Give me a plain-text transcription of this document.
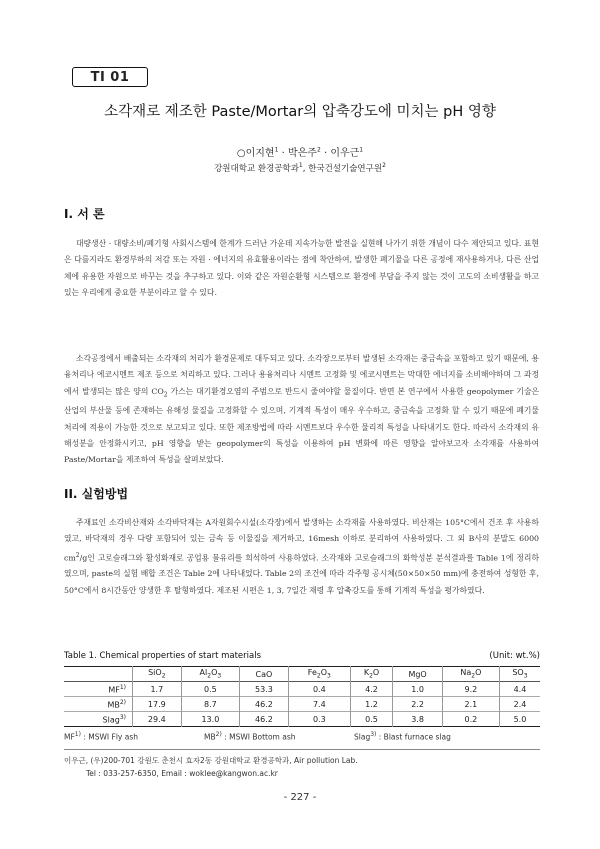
TI 01
소각재로 제조한 Paste/Mortar의 압축강도에 미치는 pH 영향
○이지현$^1$ · 박은주$^2$ · 이우근$^1$
강원대학교 환경공학과$^1$, 한국건설기술연구원$^2$
I. 서 론

대량생산 · 대량소비/폐기형 사회시스템에 한계가 드러난 가운데 지속가능한 발전을 실현해 나가기 위한 개념이 다수 제안되고 있다. 표현은 다를지라도 환경부하의 저감 또는 자원 · 에너지의 유효활용이라는 점에 착안하여, 발생한 폐기물을 다른 공정에 재사용하거나, 다른 산업체에 유용한 자원으로 바꾸는 것을 추구하고 있다. 이와 같은 자원순환형 시스템으로 환경에 부담을 주지 않는 것이 고도의 소비생활을 하고 있는 우리에게 중요한 부분이라고 할 수 있다.

소각공정에서 배출되는 소각재의 처리가 환경문제로 대두되고 있다. 소각장으로부터 발생된 소각재는 중금속을 포함하고 있기 때문에, 용융처리나 에코시멘트 제조 등으로 처리하고 있다. 그러나 용융처리나 시멘트 고정화 및 에코시멘트는 막대한 에너지를 소비해야하며 그 과정에서 발생되는 많은 양의 $CO_2$ 가스는 대기환경오염의 주범으로 반드시 줄여야할 물질이다. 반면 본 연구에서 사용한 geopolymer 기술은 산업의 부산물 등에 존재하는 유해성 물질을 고정화할 수 있으며, 기계적 특성이 매우 우수하고, 중금속을 고정화 할 수 있기 때문에 폐기물 처리에 적용이 가능한 것으로 보고되고 있다. 또한 제조방법에 따라 시멘트보다 우수한 물리적 특성을 나타내기도 한다. 따라서 소각재의 유해성분을 안정화시키고, pH 영향을 받는 geopolymer의 특성을 이용하여 pH 변화에 따른 영향을 알아보고자 소각재를 사용하여 Paste/Mortar을 제조하여 특성을 살펴보았다.

II. 실험방법

주재료인 소각비산재와 소각바닥재는 A자원회수시설(소각장)에서 발생하는 소각재를 사용하였다. 비산재는 105°C에서 건조 후 사용하였고, 바닥재의 경우 다량 포함되어 있는 금속 등 이물질을 제거하고, 16mesh 이하로 분리하여 사용하였다. 그 외 B사의 분말도 6000 $cm^2/g$인 고로슬래그와 활성화재로 공업용 물유리를 희석하여 사용하였다. 소각재와 고로슬래그의 화학성분 분석결과를 Table 1에 정리하였으며, paste의 실험 배합 조건은 Table 2에 나타내었다. Table 2의 조건에 따라 각주형 공시체(50×50×50 mm)에 충전하여 성형한 후, 50°C에서 8시간동안 양생한 후 탈형하였다. 제조된 시편은 1, 3, 7일간 재령 후 압축강도를 통해 기계적 특성을 평가하였다.

Table 1. Chemical properties of start materials	(Unit: wt.%)
	SiO$_2$	$Al_2O_3$	CaO	$Fe_2O_3$	$K_2O$	MgO	$Na_2O$	$SO_3$
MF$^{1)}$	1.7	0.5	53.3	0.4	4.2	1.0	9.2	4.4
MB$^{2)}$	17.9	8.7	46.2	7.4	1.2	2.2	2.1	2.4
Slag$^{3)}$	29.4	13.0	46.2	0.3	0.5	3.8	0.2	5.0
MF$^{1)}$ : MSWI Fly ash	MB$^{2)}$ : MSWI Bottom ash	Slag$^{3)}$ : Blast furnace slag
이우근, (우)200-701 강원도 춘천시 효자2동 강원대학교 환경공학과, Air pollution Lab.
Tel : 033-257-6350, Email : woklee@kangwon.ac.kr
- 227 -
